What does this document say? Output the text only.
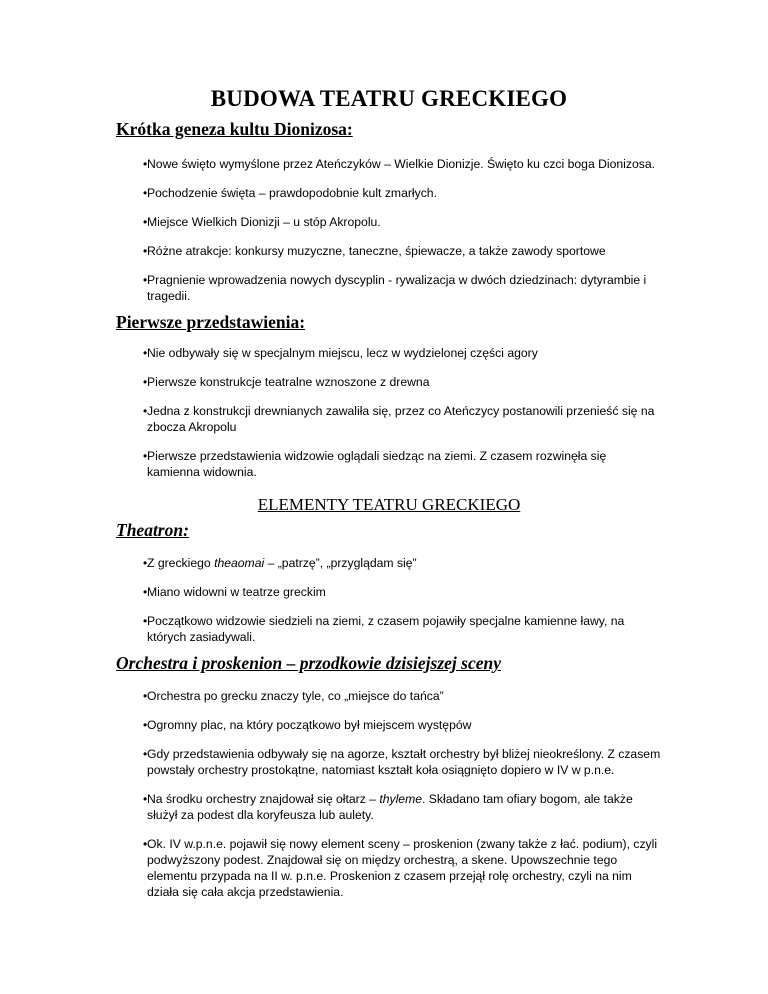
BUDOWA TEATRU GRECKIEGO
Krótka geneza kultu Dionizosa:
• Nowe święto wymyślone przez Ateńczyków – Wielkie Dionizje. Święto ku czci boga Dionizosa.
• Pochodzenie święta – prawdopodobnie kult zmarłych.
• Miejsce Wielkich Dionizji – u stóp Akropolu.
• Różne atrakcje: konkursy muzyczne, taneczne, śpiewacze, a także zawody sportowe
• Pragnienie wprowadzenia nowych dyscyplin - rywalizacja w dwóch dziedzinach: dytyrambie i tragedii.
Pierwsze przedstawienia:
• Nie odbywały się w specjalnym miejscu, lecz w wydzielonej części agory
• Pierwsze konstrukcje teatralne wznoszone z drewna
• Jedna z konstrukcji drewnianych zawaliła się, przez co Ateńczycy postanowili przenieść się na zbocza Akropolu
• Pierwsze przedstawienia widzowie oglądali siedząc na ziemi. Z czasem rozwinęła się kamienna widownia.
ELEMENTY TEATRU GRECKIEGO
Theatron:
• Z greckiego theaomai – „patrzę”, „przyglądam się”
• Miano widowni w teatrze greckim
• Początkowo widzowie siedzieli na ziemi, z czasem pojawiły specjalne kamienne ławy, na których zasiadywali.
Orchestra i proskenion – przodkowie dzisiejszej sceny
• Orchestra po grecku znaczy tyle, co „miejsce do tańca”
• Ogromny plac, na który początkowo był miejscem występów
• Gdy przedstawienia odbywały się na agorze, kształt orchestry był bliżej nieokreślony. Z czasem powstały orchestry prostokątne, natomiast kształt koła osiągnięto dopiero w IV w p.n.e.
• Na środku orchestry znajdował się ołtarz – thyleme. Składano tam ofiary bogom, ale także służył za podest dla koryfeusza lub aulety.
• Ok. IV w.p.n.e. pojawił się nowy element sceny – proskenion (zwany także z łać. podium), czyli podwyższony podest. Znajdował się on między orchestrą, a skene. Upowszechnie tego elementu przypada na II w. p.n.e. Proskenion z czasem przejął rolę orchestry, czyli na nim działa się cała akcja przedstawienia.
